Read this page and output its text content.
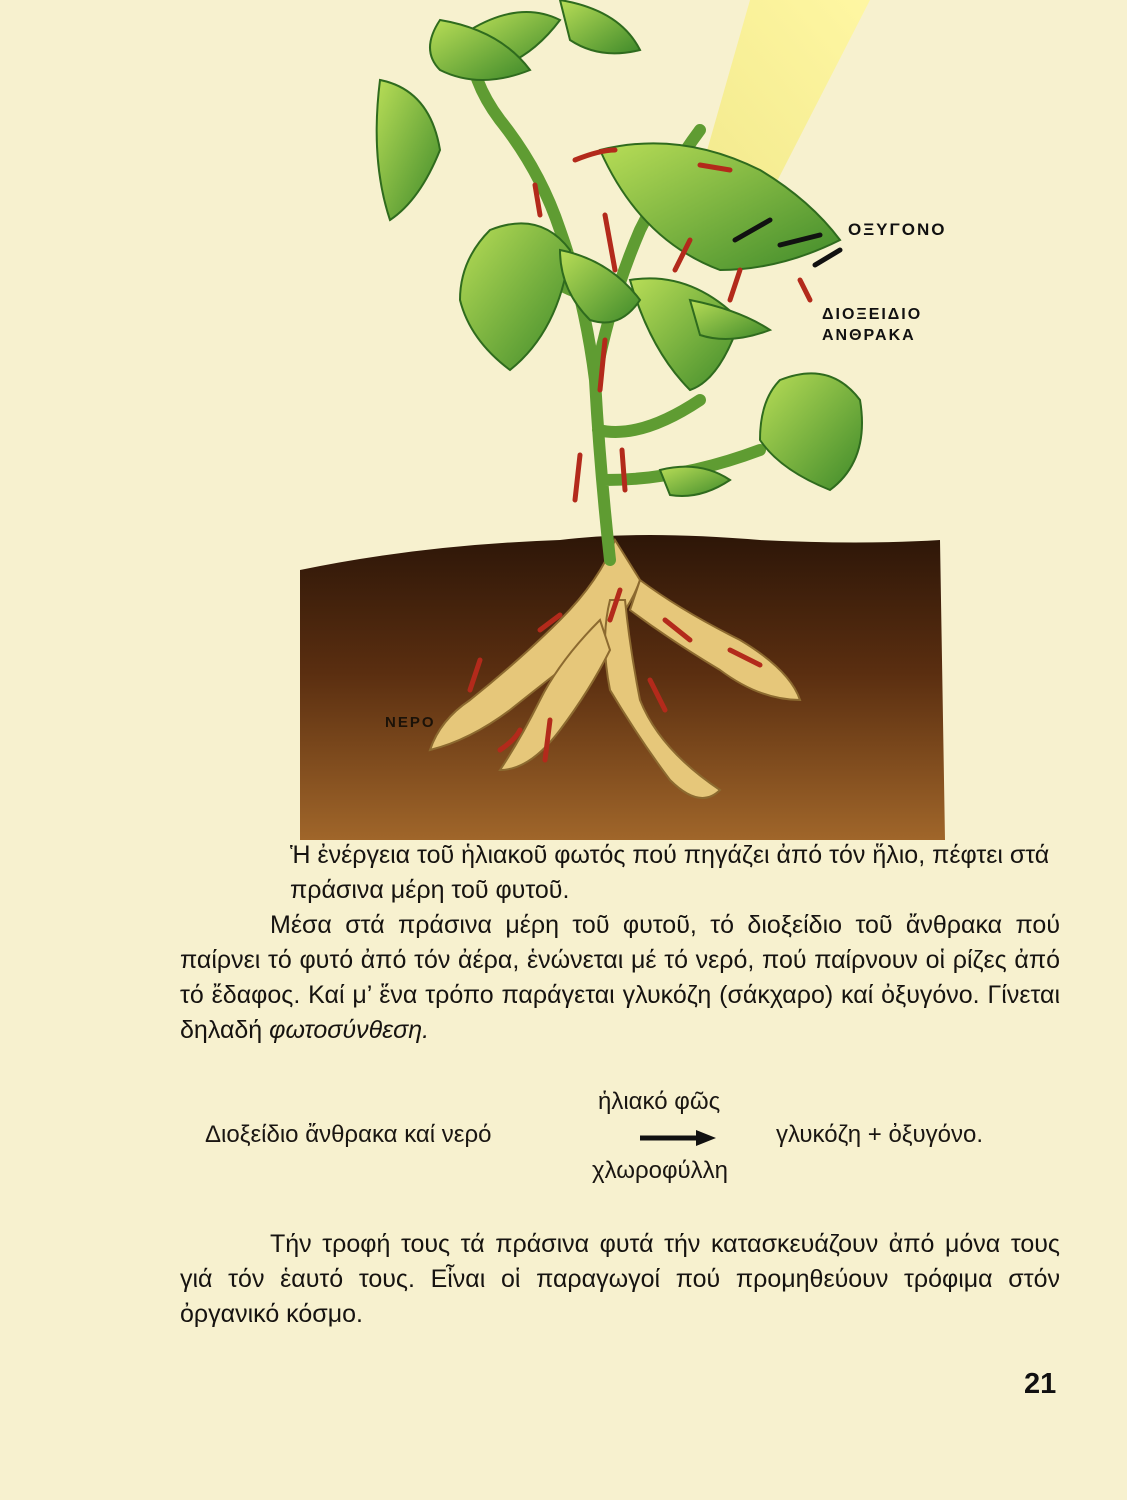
ΟΞΥΓΟΝΟ
ΔΙΟΞΕΙΔΙΟ
ΑΝΘΡΑΚΑ
ΝΕΡΟ
Ἡ ἐνέργεια τοῦ ἡλιακοῦ φωτός πού πηγάζει ἀπό τόν ἥλιο, πέφτει στά πράσινα μέρη τοῦ φυτοῦ.
Μέσα στά πράσινα μέρη τοῦ φυτοῦ, τό διοξείδιο τοῦ ἄνθρακα πού παίρνει τό φυτό ἀπό τόν ἀέρα, ἑνώνεται μέ τό νερό, πού παίρνουν οἱ ρίζες ἀπό τό ἔδαφος. Καί μ’ ἕνα τρόπο παράγεται γλυκόζη (σάκχαρο) καί ὀξυγόνο. Γίνεται δηλαδή φωτοσύνθεση.
ἡλιακό φῶς
Διοξείδιο ἄνθρακα καί νερό	γλυκόζη + ὀξυγόνο.
χλωροφύλλη
Τήν τροφή τους τά πράσινα φυτά τήν κατασκευάζουν ἀπό μόνα τους γιά τόν ἑαυτό τους. Εἶναι οἱ παραγωγοί πού προμηθεύουν τρόφιμα στόν ὀργανικό κόσμο.
21
